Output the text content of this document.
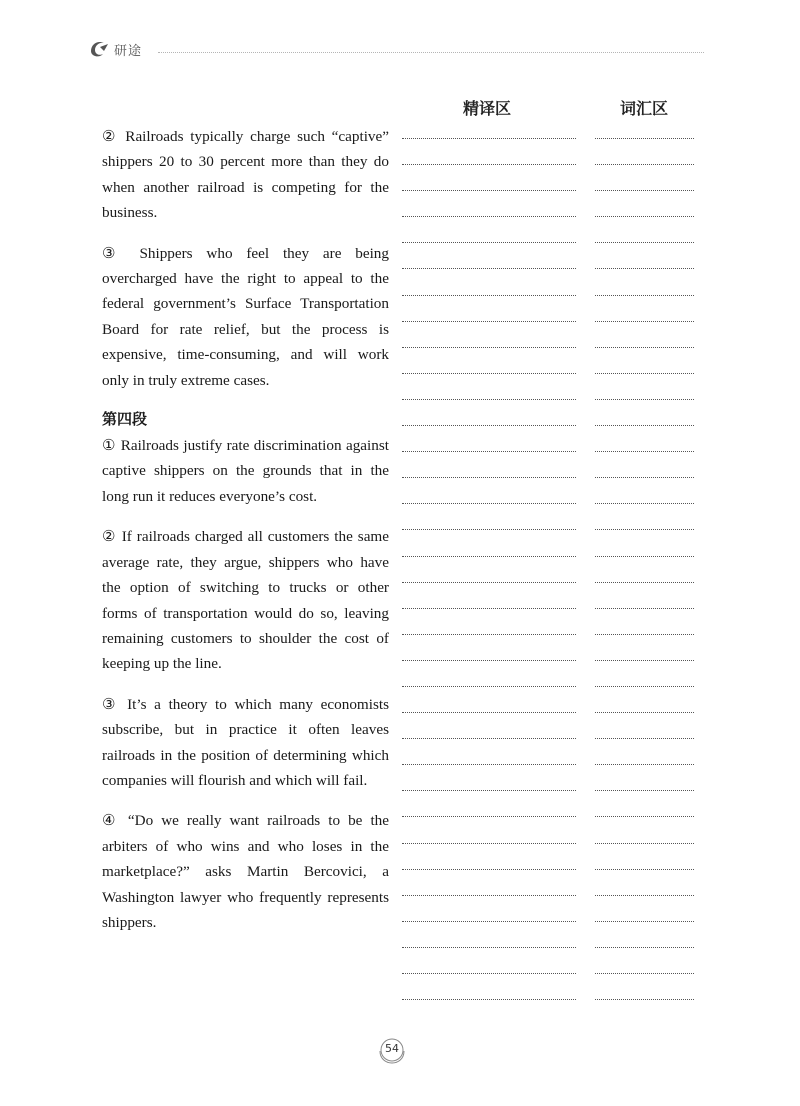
研途
精译区	词汇区

② Railroads typically charge such “captive” shippers 20 to 30 percent more than they do when another railroad is competing for the business.

③ Shippers who feel they are being overcharged have the right to appeal to the federal government’s Surface Transportation Board for rate relief, but the process is expensive, time-consuming, and will work only in truly extreme cases.

第四段

① Railroads justify rate discrimination against captive shippers on the grounds that in the long run it reduces everyone’s cost.

② If railroads charged all customers the same average rate, they argue, shippers who have the option of switching to trucks or other forms of transportation would do so, leaving remaining customers to shoulder the cost of keeping up the line.

③ It’s a theory to which many economists subscribe, but in practice it often leaves railroads in the position of determining which companies will flourish and which will fail.

④ “Do we really want railroads to be the arbiters of who wins and who loses in the marketplace?” asks Martin Bercovici, a Washington lawyer who frequently represents shippers.

54
